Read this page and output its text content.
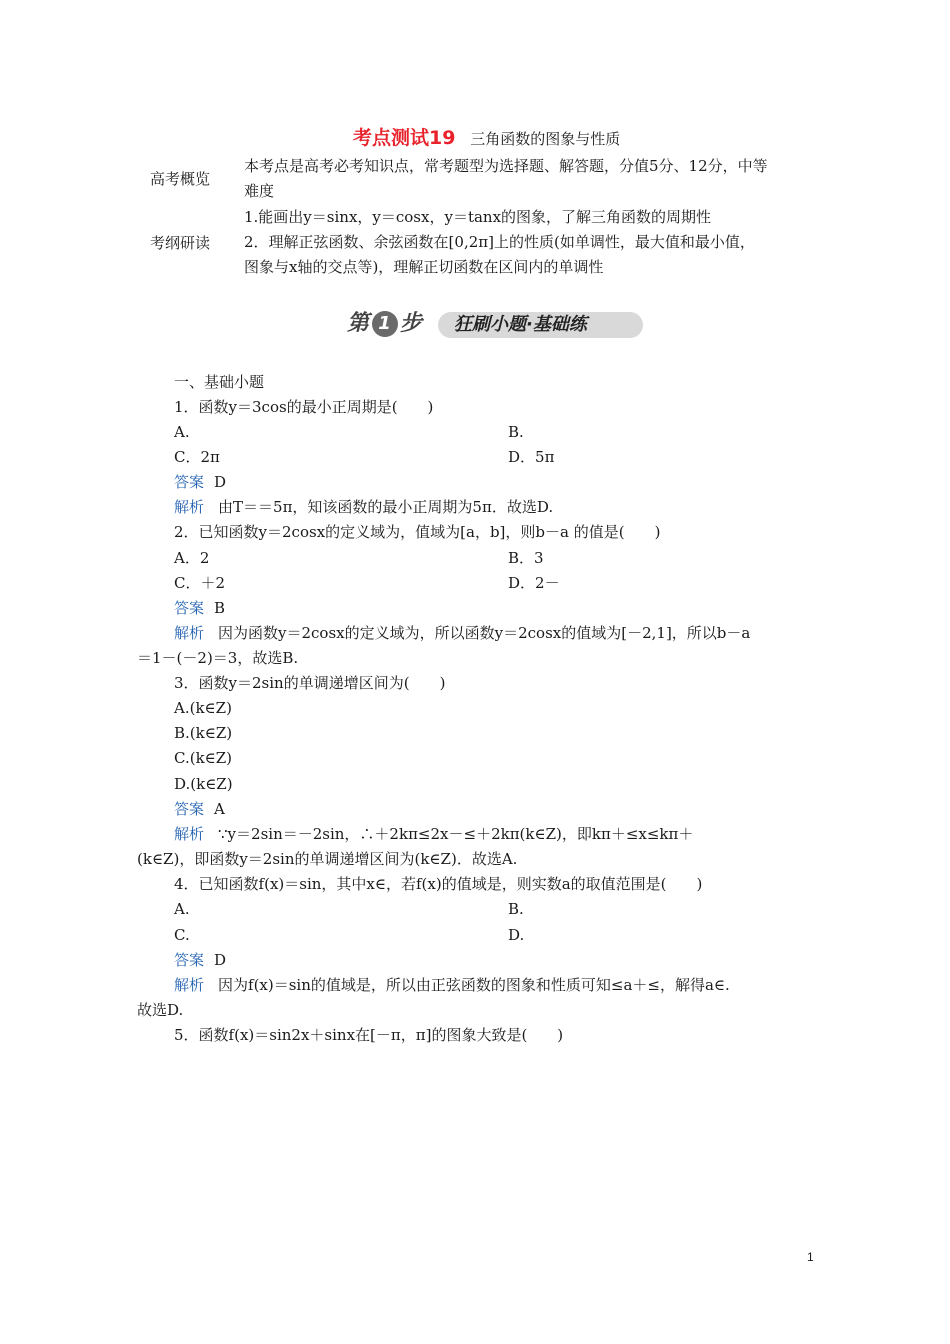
考点测试19 三角函数的图象与性质
高考概览
本考点是高考必考知识点，常考题型为选择题、解答题，分值5分、12分，中等
难度
考纲研读
1.能画出y＝sinx，y＝cosx，y＝tanx的图象，了解三角函数的周期性
2．理解正弦函数、余弦函数在[0,2π]上的性质(如单调性，最大值和最小值，
图象与x轴的交点等)，理解正切函数在区间内的单调性
第 1 步 狂刷小题·基础练
一、基础小题
1．函数y＝3cos的最小正周期是(　　)
A.	B.
C．2π	D．5π
答案 D
解析 由T＝＝5π，知该函数的最小正周期为5π．故选D.
2．已知函数y＝2cosx的定义域为，值域为[a，b]，则b－a 的值是(　　)
A．2	B．3
C．＋2	D．2－
答案 B
解析 因为函数y＝2cosx的定义域为，所以函数y＝2cosx的值域为[－2,1]，所以b－a
＝1－(－2)＝3，故选B.
3．函数y＝2sin的单调递增区间为(　　)
A.(k∈Z)
B.(k∈Z)
C.(k∈Z)
D.(k∈Z)
答案 A
解析 ∵y＝2sin＝－2sin，∴＋2kπ≤2x－≤＋2kπ(k∈Z)，即kπ＋≤x≤kπ＋
(k∈Z)，即函数y＝2sin的单调递增区间为(k∈Z)．故选A.
4．已知函数f(x)＝sin，其中x∈，若f(x)的值域是，则实数a的取值范围是(　　)
A.	B.
C.	D.
答案 D
解析 因为f(x)＝sin的值域是，所以由正弦函数的图象和性质可知≤a＋≤，解得a∈.
故选D.
5．函数f(x)＝sin2x＋sinx在[－π，π]的图象大致是(　　)
1
